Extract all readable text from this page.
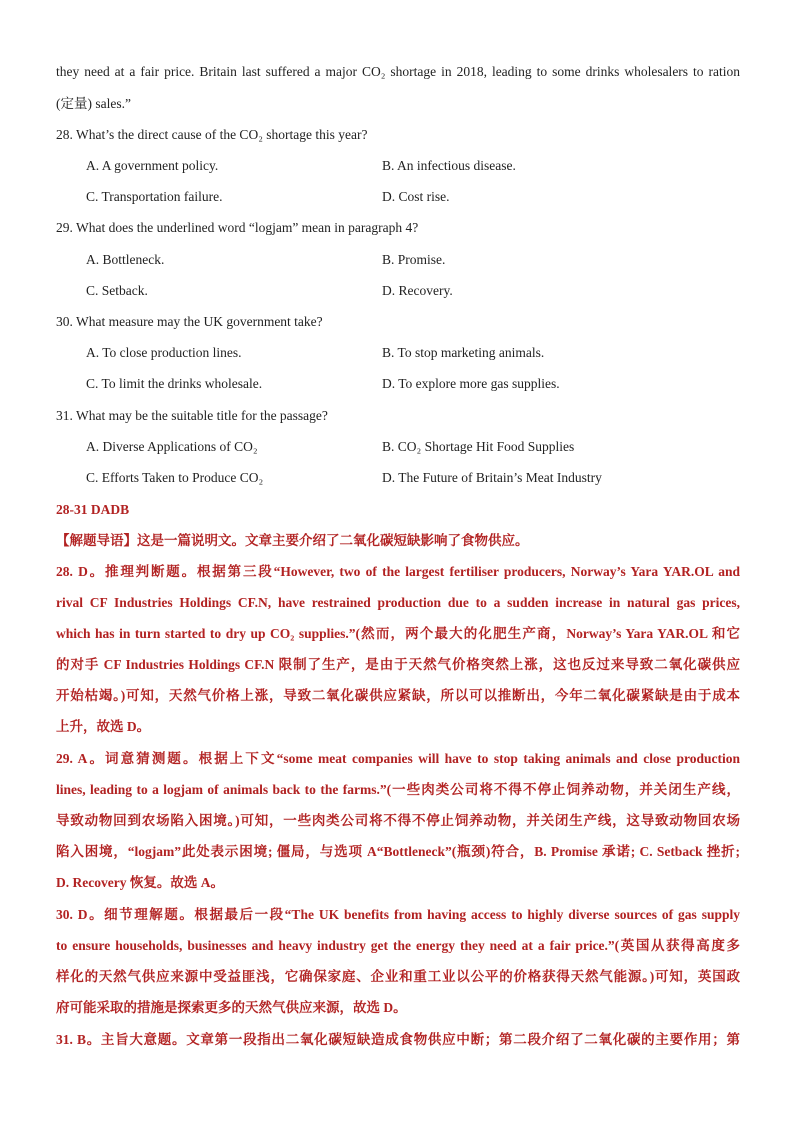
they need at a fair price. Britain last suffered a major CO₂ shortage in 2018, leading to some drinks wholesalers to ration
(定量) sales.”
28. What’s the direct cause of the CO₂ shortage this year?
A. A government policy.	B. An infectious disease.
C. Transportation failure.	D. Cost rise.
29. What does the underlined word “logjam” mean in paragraph 4?
A. Bottleneck.	B. Promise.
C. Setback.	D. Recovery.
30. What measure may the UK government take?
A. To close production lines.	B. To stop marketing animals.
C. To limit the drinks wholesale.	D. To explore more gas supplies.
31. What may be the suitable title for the passage?
A. Diverse Applications of CO₂	B. CO₂ Shortage Hit Food Supplies
C. Efforts Taken to Produce CO₂	D. The Future of Britain’s Meat Industry
28-31 DADB
【解题导语】这是一篇说明文。文章主要介绍了二氧化碳短缺影响了食物供应。
28. D。推理判断题。根据第三段“However, two of the largest fertiliser producers, Norway’s Yara YAR.OL and
rival CF Industries Holdings CF.N, have restrained production due to a sudden increase in natural gas prices,
which has in turn started to dry up CO₂ supplies.”(然而，两个最大的化肥生产商，Norway’s Yara YAR.OL 和它
的对手 CF Industries Holdings CF.N 限制了生产，是由于天然气价格突然上涨，这也反过来导致二氧化碳供应
开始枯竭。)可知，天然气价格上涨，导致二氧化碳供应紧缺，所以可以推断出，今年二氧化碳紧缺是由于成本
上升，故选 D。
29. A。词意猜测题。根据上下文“some meat companies will have to stop taking animals and close production
lines, leading to a logjam of animals back to the farms.”(一些肉类公司将不得不停止饲养动物，并关闭生产线，
导致动物回到农场陷入困境。)可知，一些肉类公司将不得不停止饲养动物，并关闭生产线，这导致动物回农场
陷入困境，“logjam”此处表示困境; 僵局，与选项 A“Bottleneck”(瓶颈)符合，B. Promise 承诺; C. Setback 挫折;
D. Recovery 恢复。故选 A。
30. D。细节理解题。根据最后一段“The UK benefits from having access to highly diverse sources of gas supply
to ensure households, businesses and heavy industry get the energy they need at a fair price.”(英国从获得高度多
样化的天然气供应来源中受益匪浅，它确保家庭、企业和重工业以公平的价格获得天然气能源。)可知，英国政
府可能采取的措施是探索更多的天然气供应来源，故选 D。
31. B。主旨大意题。文章第一段指出二氧化碳短缺造成食物供应中断；第二段介绍了二氧化碳的主要作用；第
